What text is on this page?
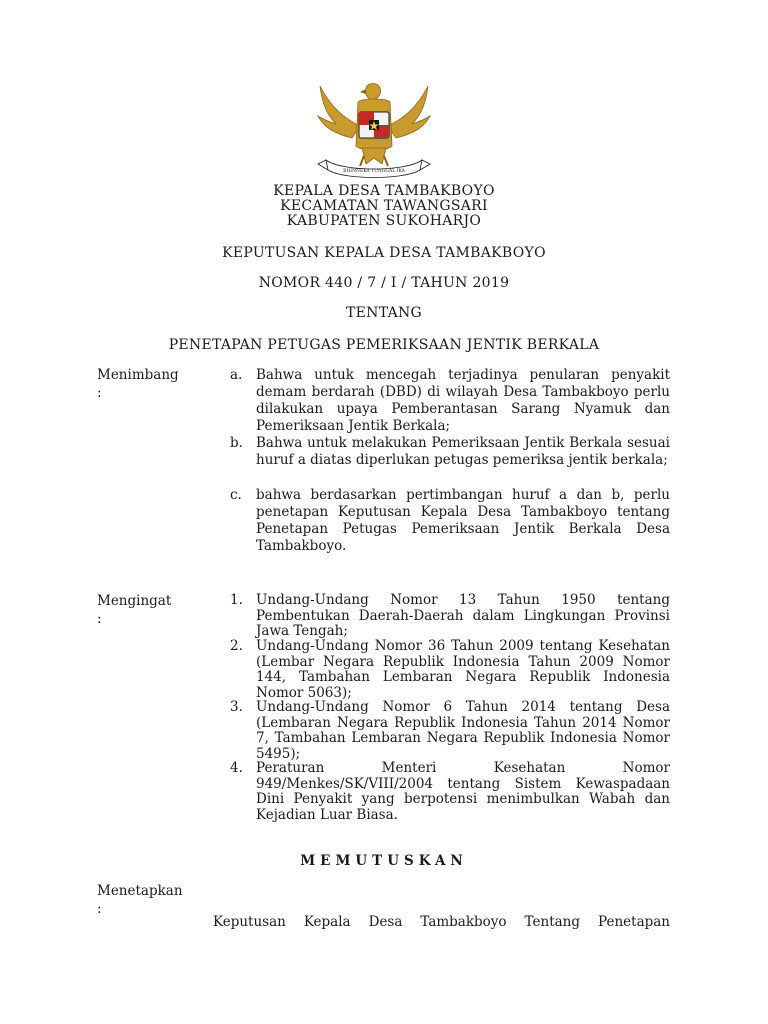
BHINNEKA TUNGGAL IKA
KEPALA DESA TAMBAKBOYO
KECAMATAN TAWANGSARI
KABUPATEN SUKOHARJO
KEPUTUSAN KEPALA DESA TAMBAKBOYO
NOMOR 440 / 7 / I / TAHUN 2019
TENTANG
PENETAPAN PETUGAS PEMERIKSAAN JENTIK BERKALA
Menimbang
:
a.	Bahwa untuk mencegah terjadinya penularan penyakit demam berdarah (DBD) di wilayah Desa Tambakboyo perlu dilakukan upaya Pemberantasan Sarang Nyamuk dan Pemeriksaan Jentik Berkala;
b. Bahwa untuk melakukan Pemeriksaan Jentik Berkala sesuai huruf a diatas diperlukan petugas pemeriksa jentik berkala;
c.	bahwa berdasarkan pertimbangan huruf a dan b, perlu penetapan Keputusan Kepala Desa Tambakboyo tentang Penetapan Petugas Pemeriksaan Jentik Berkala Desa Tambakboyo.
Mengingat
:
1. Undang-Undang Nomor 13 Tahun 1950 tentang Pembentukan Daerah-Daerah dalam Lingkungan Provinsi Jawa Tengah;
2. Undang-Undang Nomor 36 Tahun 2009 tentang Kesehatan (Lembar Negara Republik Indonesia Tahun 2009 Nomor 144, Tambahan Lembaran Negara Republik Indonesia Nomor 5063);
3. Undang-Undang Nomor 6 Tahun 2014 tentang Desa (Lembaran Negara Republik Indonesia Tahun 2014 Nomor 7, Tambahan Lembaran Negara Republik Indonesia Nomor 5495);
4. Peraturan Menteri Kesehatan Nomor 949/Menkes/SK/VIII/2004 tentang Sistem Kewaspadaan Dini Penyakit yang berpotensi menimbulkan Wabah dan Kejadian Luar Biasa.
MEMUTUSKAN
Menetapkan
:
Keputusan Kepala Desa Tambakboyo Tentang Penetapan
